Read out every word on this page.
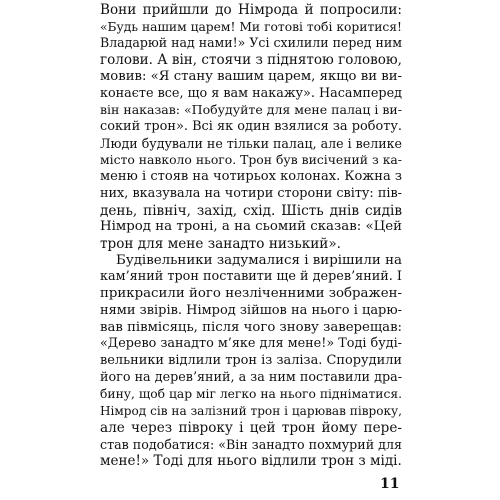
Вони прийшли до Німрода й попросили:
«Будь нашим царем! Ми готові тобі коритися!
Владарюй над нами!» Усі схилили перед ним
голови. А він, стоячи з піднятою головою,
мовив: «Я стану вашим царем, якщо ви ви-
конаєте все, що я вам накажу». Насамперед
він наказав: «Побудуйте для мене палац і ви-
сокий трон». Всі як один взялися за роботу.
Люди будували не тільки палац, але і велике
місто навколо нього. Трон був висічений з ка-
меню і стояв на чотирьох колонах. Кожна з
них, вказувала на чотири сторони світу: пів-
день, північ, захід, схід. Шість днів сидів
Німрод на троні, а на сьомий сказав: «Цей
трон для мене занадто низький».
Будівельники задумалися і вирішили на
кам’яний трон поставити ще й дерев’яний. І
прикрасили його незліченними зображен-
нями звірів. Німрод зійшов на нього і царю-
вав півмісяць, після чого знову заверещав:
«Дерево занадто м’яке для мене!» Тоді буді-
вельники відлили трон із заліза. Спорудили
його на дерев’яний, а за ним поставили дра-
бину, щоб цар міг легко на нього підніматися.
Німрод сів на залізний трон і царював півроку,
але через півроку і цей трон йому пере-
став подобатися: «Він занадто похмурий для
мене!» Тоді для нього відлили трон з міді.
11
